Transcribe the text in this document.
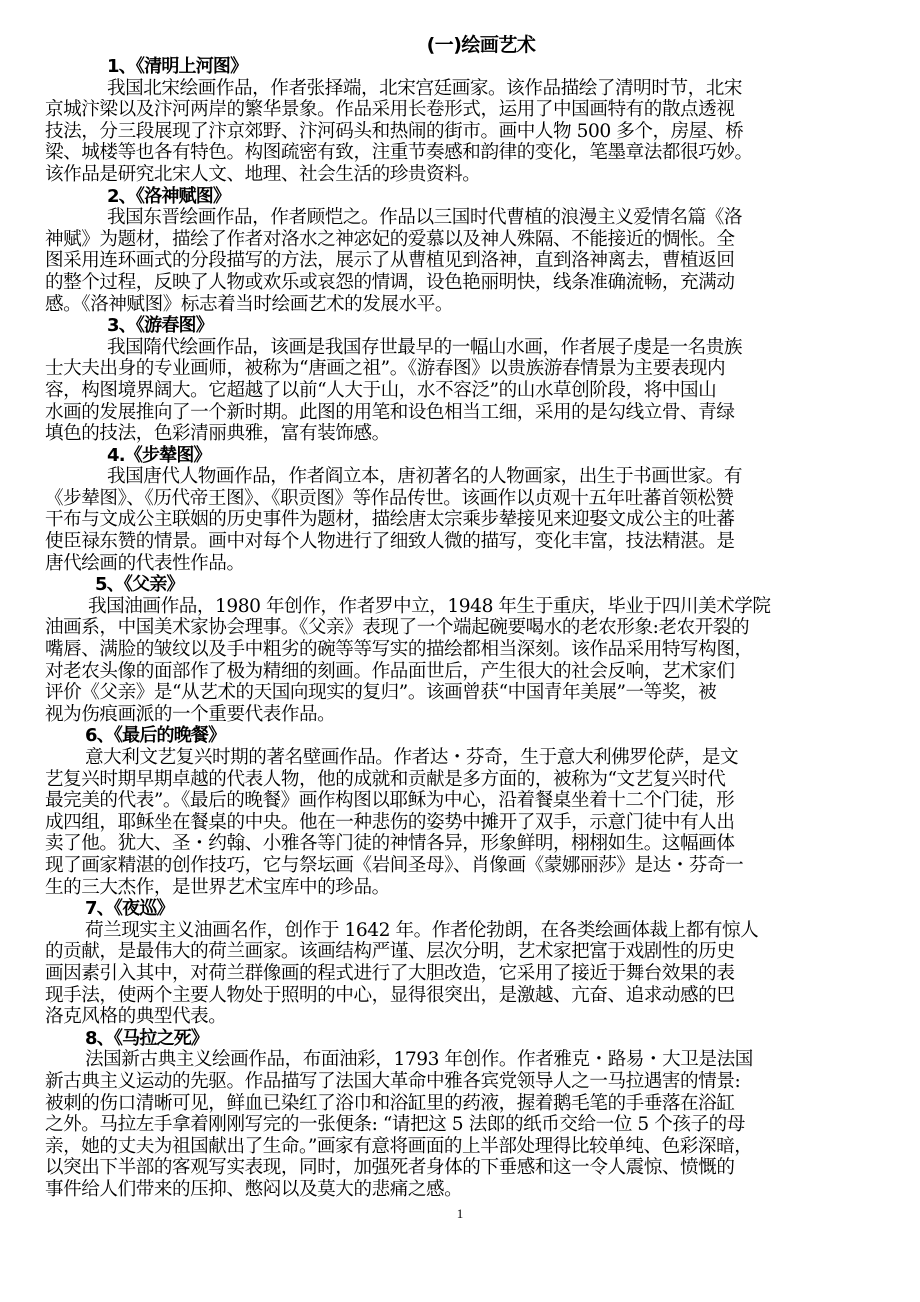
(一)绘画艺术
1、《清明上河图》
我国北宋绘画作品，作者张择端，北宋宫廷画家。该作品描绘了清明时节，北宋
京城汴梁以及汴河两岸的繁华景象。作品采用长卷形式，运用了中国画特有的散点透视
技法，分三段展现了汴京郊野、汴河码头和热闹的街市。画中人物 500 多个，房屋、桥
梁、城楼等也各有特色。构图疏密有致，注重节奏感和韵律的变化，笔墨章法都很巧妙。
该作品是研究北宋人文、地理、社会生活的珍贵资料。
2、《洛神赋图》
我国东晋绘画作品，作者顾恺之。作品以三国时代曹植的浪漫主义爱情名篇《洛
神赋》为题材，描绘了作者对洛水之神宓妃的爱慕以及神人殊隔、不能接近的惆怅。全
图采用连环画式的分段描写的方法，展示了从曹植见到洛神，直到洛神离去，曹植返回
的整个过程，反映了人物或欢乐或哀怨的情调，设色艳丽明快，线条准确流畅，充满动
感。《洛神赋图》标志着当时绘画艺术的发展水平。
3、《游春图》
我国隋代绘画作品，该画是我国存世最早的一幅山水画，作者展子虔是一名贵族
士大夫出身的专业画师，被称为“唐画之祖”。《游春图》以贵族游春情景为主要表现内
容，构图境界阔大。它超越了以前“人大于山，水不容泛”的山水草创阶段，将中国山
水画的发展推向了一个新时期。此图的用笔和设色相当工细，采用的是勾线立骨、青绿
填色的技法，色彩清丽典雅，富有装饰感。
4.《步辇图》
我国唐代人物画作品，作者阎立本，唐初著名的人物画家，出生于书画世家。有
《步辇图》、《历代帝王图》、《职贡图》等作品传世。该画作以贞观十五年吐蕃首领松赞
干布与文成公主联姻的历史事件为题材，描绘唐太宗乘步辇接见来迎娶文成公主的吐蕃
使臣禄东赞的情景。画中对每个人物进行了细致人微的描写，变化丰富，技法精湛。是
唐代绘画的代表性作品。
5、《父亲》
我国油画作品，1980 年创作，作者罗中立，1948 年生于重庆，毕业于四川美术学院
油画系，中国美术家协会理事。《父亲》表现了一个端起碗要喝水的老农形象:老农开裂的
嘴唇、满脸的皱纹以及手中粗劣的碗等等写实的描绘都相当深刻。该作品采用特写构图，
对老农头像的面部作了极为精细的刻画。作品面世后，产生很大的社会反响，艺术家们
评价《父亲》是“从艺术的天国向现实的复归”。该画曾获“中国青年美展”一等奖，被
视为伤痕画派的一个重要代表作品。
6、《最后的晚餐》
意大利文艺复兴时期的著名壁画作品。作者达・芬奇，生于意大利佛罗伦萨，是文
艺复兴时期早期卓越的代表人物，他的成就和贡献是多方面的，被称为“文艺复兴时代
最完美的代表”。《最后的晚餐》画作构图以耶稣为中心，沿着餐桌坐着十二个门徒，形
成四组，耶稣坐在餐桌的中央。他在一种悲伤的姿势中摊开了双手，示意门徒中有人出
卖了他。犹大、圣・约翰、小雅各等门徒的神情各异，形象鲜明，栩栩如生。这幅画体
现了画家精湛的创作技巧，它与祭坛画《岩间圣母》、肖像画《蒙娜丽莎》是达・芬奇一
生的三大杰作，是世界艺术宝库中的珍品。
7、《夜巡》
荷兰现实主义油画名作，创作于 1642 年。作者伦勃朗，在各类绘画体裁上都有惊人
的贡献，是最伟大的荷兰画家。该画结构严谨、层次分明，艺术家把富于戏剧性的历史
画因素引入其中，对荷兰群像画的程式进行了大胆改造，它采用了接近于舞台效果的表
现手法，使两个主要人物处于照明的中心，显得很突出，是激越、亢奋、追求动感的巴
洛克风格的典型代表。
8、《马拉之死》
法国新古典主义绘画作品，布面油彩，1793 年创作。作者雅克・路易・大卫是法国
新古典主义运动的先驱。作品描写了法国大革命中雅各宾党领导人之一马拉遇害的情景:
被刺的伤口清晰可见，鲜血已染红了浴巾和浴缸里的药液，握着鹅毛笔的手垂落在浴缸
之外。马拉左手拿着刚刚写完的一张便条: “请把这 5 法郎的纸币交给一位 5 个孩子的母
亲，她的丈夫为祖国献出了生命。”画家有意将画面的上半部处理得比较单纯、色彩深暗，
以突出下半部的客观写实表现，同时，加强死者身体的下垂感和这一令人震惊、愤慨的
事件给人们带来的压抑、憋闷以及莫大的悲痛之感。
1
